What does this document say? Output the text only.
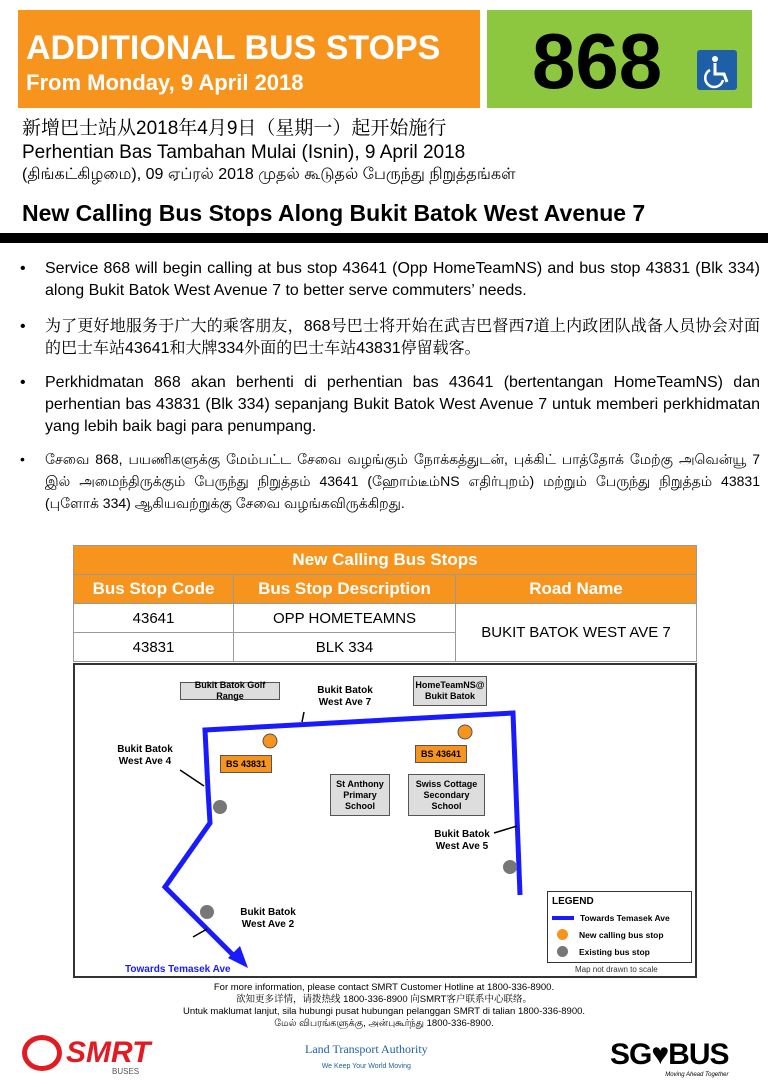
ADDITIONAL BUS STOPS
From Monday, 9 April 2018	868
新增巴士站从2018年4月9日（星期一）起开始施行
Perhentian Bas Tambahan Mulai (Isnin), 9 April 2018
(திங்கட்கிழமை), 09 ஏப்ரல் 2018 முதல் கூடுதல் பேருந்து நிறுத்தங்கள்
New Calling Bus Stops Along Bukit Batok West Avenue 7
•	Service 868 will begin calling at bus stop 43641 (Opp HomeTeamNS) and bus stop 43831 (Blk 334) along Bukit Batok West Avenue 7 to better serve commuters’ needs.
•	为了更好地服务于广大的乘客朋友，868号巴士将开始在武吉巴督西7道上内政团队战备人员协会对面的巴士车站43641和大牌334外面的巴士车站43831停留载客。
•	Perkhidmatan 868 akan berhenti di perhentian bas 43641 (bertentangan HomeTeamNS) dan perhentian bas 43831 (Blk 334) sepanjang Bukit Batok West Avenue 7 untuk memberi perkhidmatan yang lebih baik bagi para penumpang.
•	சேவை 868, பயணிகளுக்கு மேம்பட்ட சேவை வழங்கும் நோக்கத்துடன், புக்கிட் பாத்தோக் மேற்கு அவென்யூ 7 இல் அமைந்திருக்கும் பேருந்து நிறுத்தம் 43641 (ஹோம்டீம்NS எதிர்புறம்) மற்றும் பேருந்து நிறுத்தம் 43831 (புளோக் 334) ஆகியவற்றுக்கு சேவை வழங்கவிருக்கிறது.
New Calling Bus Stops		
Bus Stop Code	Bus Stop Description	Road Name
43641	OPP HOMETEAMNS	BUKIT BATOK WEST AVE 7
43831	BLK 334	
Bukit Batok Golf Range
HomeTeamNS@ Bukit Batok
Bukit Batok West Ave 7
Bukit Batok West Ave 4
Bukit Batok West Ave 5
Bukit Batok West Ave 2
BS 43831
BS 43641
St Anthony Primary School
Swiss Cottage Secondary School
Towards Temasek Ave
LEGEND
Towards Temasek Ave
New calling bus stop
Existing bus stop
Map not drawn to scale
For more information, please contact SMRT Customer Hotline at 1800-336-8900.
欲知更多详情，请拨热线 1800-336-8900 向SMRT客户联系中心联络。
Untuk maklumat lanjut, sila hubungi pusat hubungan pelanggan SMRT di talian 1800-336-8900.
மேல் விபரங்களுக்கு, அன்புகூர்ந்து 1800-336-8900.
SMRT
BUSES
Land Transport Authority
We Keep Your World Moving	SG♥BUS
Moving Ahead Together
